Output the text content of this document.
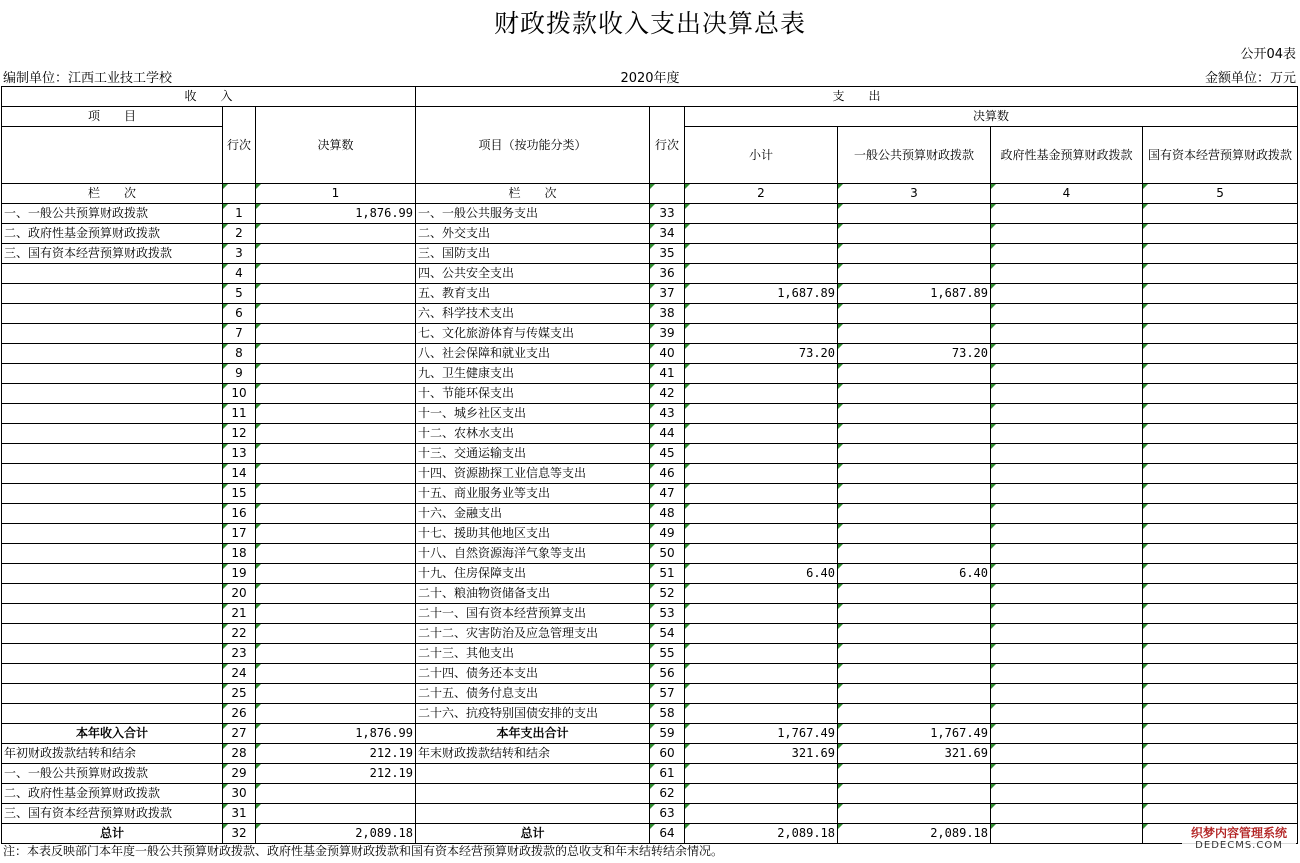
财政拨款收入支出决算总表
公开04表
编制单位：江西工业技工学校	2020年度	金额单位：万元
收　　入			支　　出					
项　　目	行次	决算数	项目（按功能分类）	行次	决算数			
					小计	一般公共预算财政拨款	政府性基金预算财政拨款	国有资本经营预算财政拨款
栏　　次		1	栏　　次		2	3	4	5
一、一般公共预算财政拨款	1	1,876.99	一、一般公共服务支出	33				
二、政府性基金预算财政拨款	2		二、外交支出	34				
三、国有资本经营预算财政拨款	3		三、国防支出	35				
	4		四、公共安全支出	36				
	5		五、教育支出	37	1,687.89	1,687.89		
	6		六、科学技术支出	38				
	7		七、文化旅游体育与传媒支出	39				
	8		八、社会保障和就业支出	40	73.20	73.20		
	9		九、卫生健康支出	41				
	10		十、节能环保支出	42				
	11		十一、城乡社区支出	43				
	12		十二、农林水支出	44				
	13		十三、交通运输支出	45				
	14		十四、资源勘探工业信息等支出	46				
	15		十五、商业服务业等支出	47				
	16		十六、金融支出	48				
	17		十七、援助其他地区支出	49				
	18		十八、自然资源海洋气象等支出	50				
	19		十九、住房保障支出	51	6.40	6.40		
	20		二十、粮油物资储备支出	52				
	21		二十一、国有资本经营预算支出	53				
	22		二十二、灾害防治及应急管理支出	54				
	23		二十三、其他支出	55				
	24		二十四、债务还本支出	56				
	25		二十五、债务付息支出	57				
	26		二十六、抗疫特别国债安排的支出	58				
本年收入合计	27	1,876.99	本年支出合计	59	1,767.49	1,767.49		
年初财政拨款结转和结余	28	212.19	年末财政拨款结转和结余	60	321.69	321.69		
一、一般公共预算财政拨款	29	212.19		61				
二、政府性基金预算财政拨款	30			62				
三、国有资本经营预算财政拨款	31			63				
总计	32	2,089.18	总计	64	2,089.18	2,089.18		
注：本表反映部门本年度一般公共预算财政拨款、政府性基金预算财政拨款和国有资本经营预算财政拨款的总收支和年末结转结余情况。
织梦内容管理系统
DEDECMS.COM
